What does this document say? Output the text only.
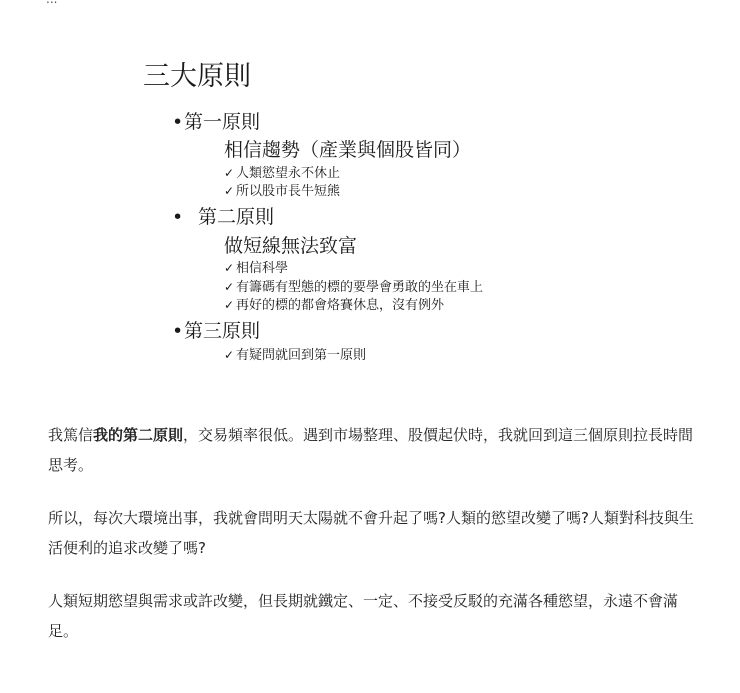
三大原則
•第一原則
相信趨勢（產業與個股皆同）
✓ 人類慾望永不休止
✓ 所以股市長牛短熊
• 第二原則
做短線無法致富
✓ 相信科學
✓ 有籌碼有型態的標的要學會勇敢的坐在車上
✓ 再好的標的都會烙賽休息，沒有例外
•第三原則
✓ 有疑問就回到第一原則

我篤信我的第二原則，交易頻率很低。遇到市場整理、股價起伏時，我就回到這三個原則拉長時間思考。

所以，每次大環境出事，我就會問明天太陽就不會升起了嗎?人類的慾望改變了嗎?人類對科技與生活便利的追求改變了嗎?

人類短期慾望與需求或許改變，但長期就鐵定、一定、不接受反駁的充滿各種慾望，永遠不會滿足。
